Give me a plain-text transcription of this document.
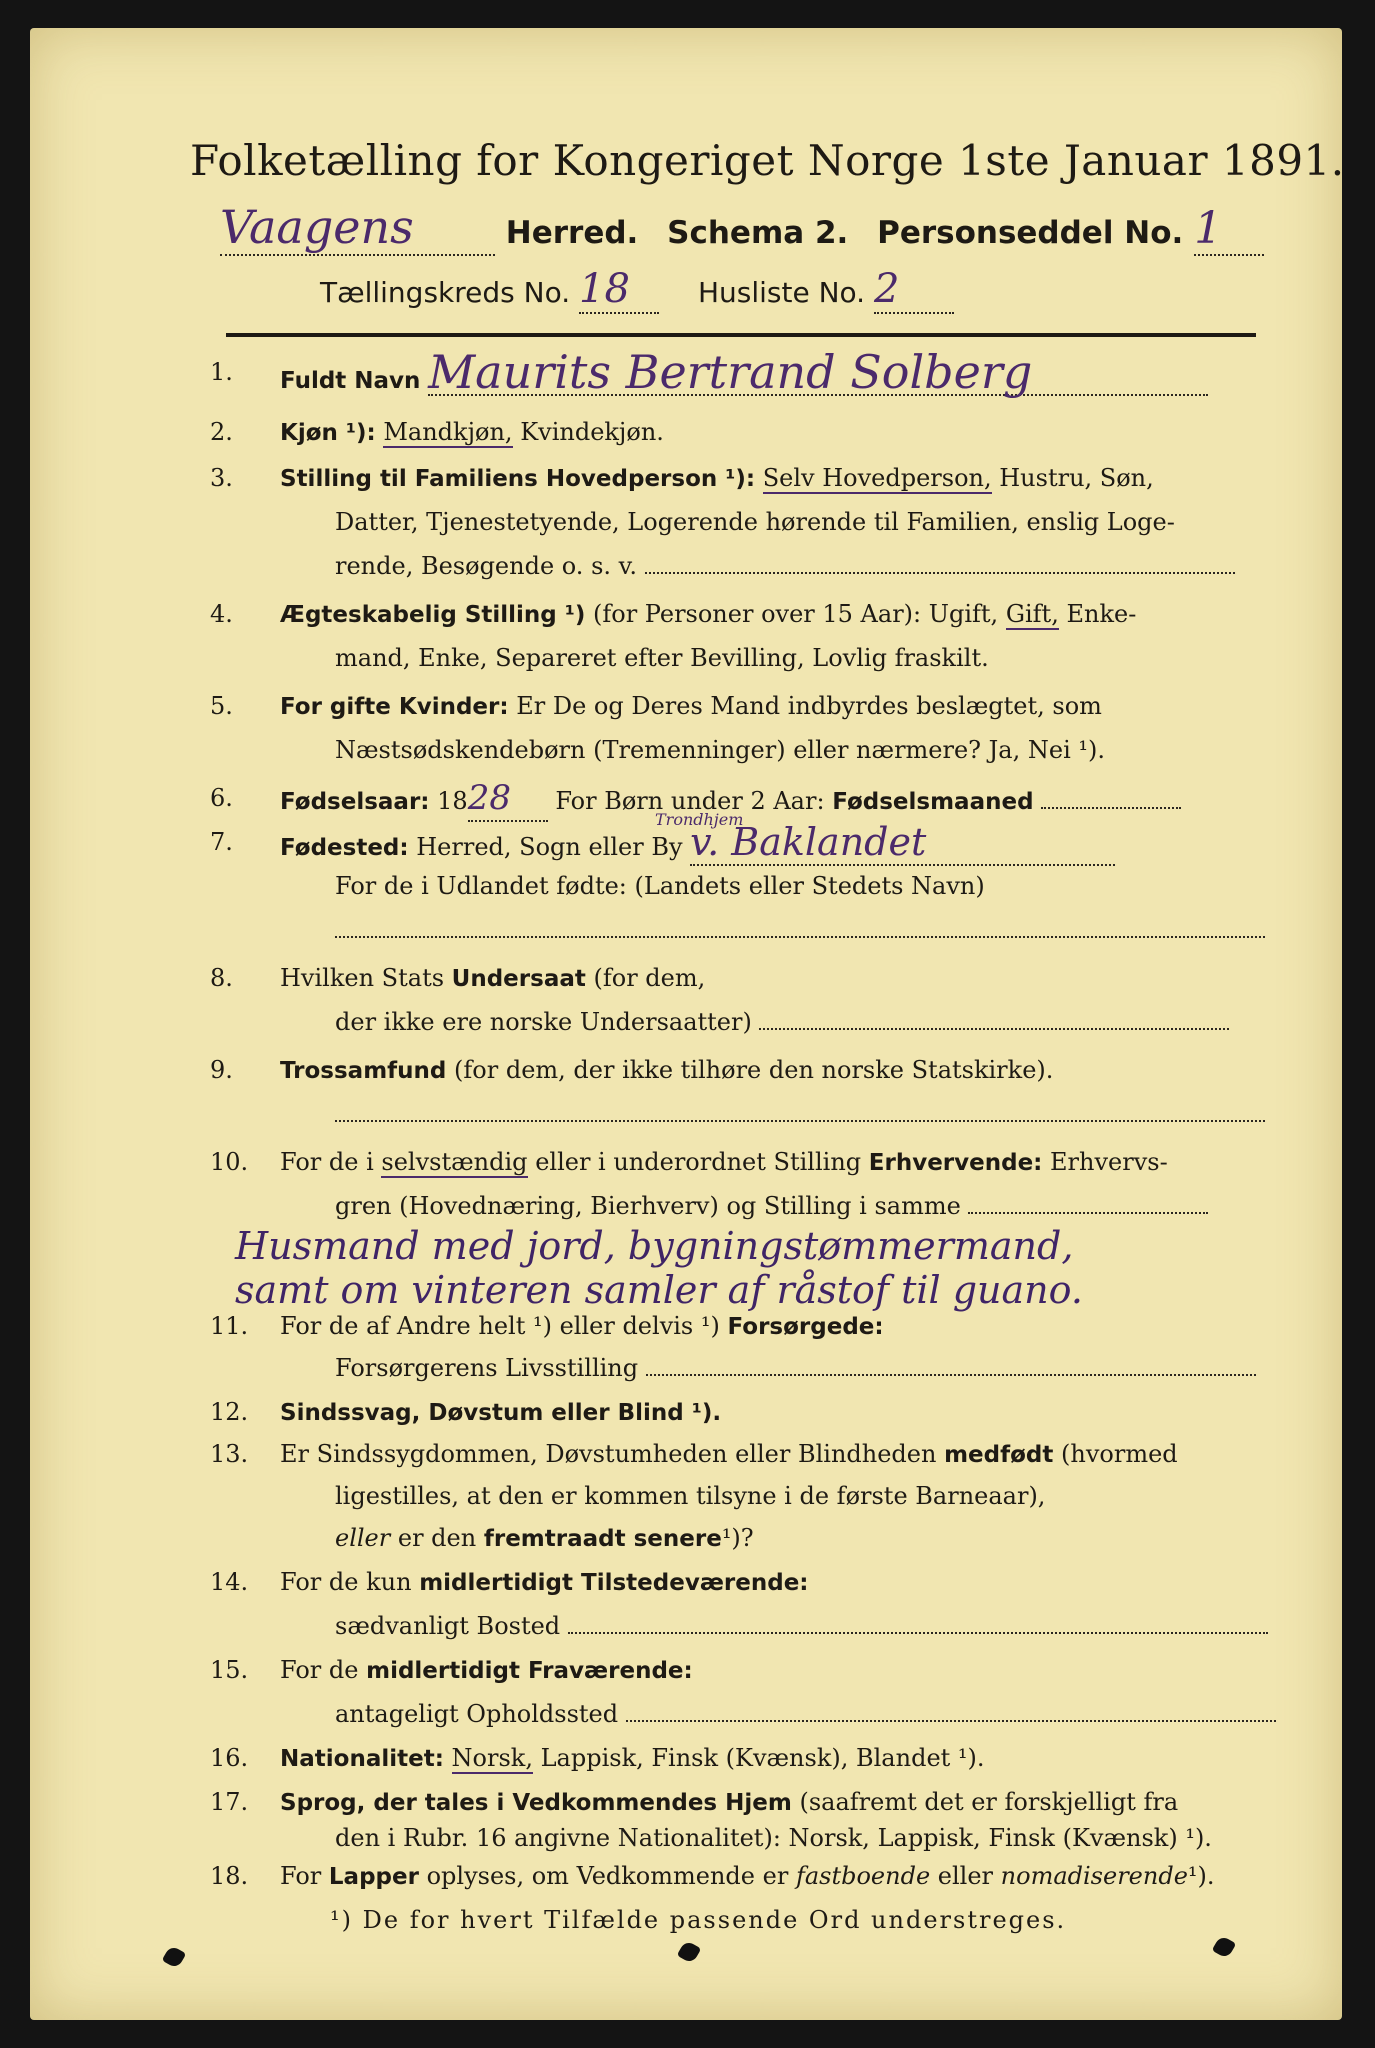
Folketælling for Kongeriget Norge 1ste Januar 1891.
Vaagens	Herred. Schema 2. Personseddel No. 1
Tællingskreds No. 18 Husliste No. 2
1.	Fuldt Navn Maurits Bertrand Solberg
2.	Kjøn ¹): Mandkjøn, Kvindekjøn.
3.	Stilling til Familiens Hovedperson ¹): Selv Hovedperson, Hustru, Søn,
Datter, Tjenestetyende, Logerende hørende til Familien, enslig Loge-
rende, Besøgende o. s. v.
4.	Ægteskabelig Stilling ¹) (for Personer over 15 Aar): Ugift, Gift, Enke-
mand, Enke, Separeret efter Bevilling, Lovlig fraskilt.
5.	For gifte Kvinder: Er De og Deres Mand indbyrdes beslægtet, som
Næstsødskendebørn (Tremenninger) eller nærmere? Ja, Nei ¹).
6.	Fødselsaar: 1828 For Børn under 2 Aar: Fødselsmaaned
7.	Fødested: Herred, Sogn eller By
Trondhjem
v. Baklandet
For de i Udlandet fødte: (Landets eller Stedets Navn)
8.	Hvilken Stats Undersaat (for dem,
der ikke ere norske Undersaatter)
9.	Trossamfund (for dem, der ikke tilhøre den norske Statskirke).
10.	For de i selvstændig eller i underordnet Stilling Erhvervende: Erhvervs-
gren (Hovednæring, Bierhverv) og Stilling i samme
Husmand med jord, bygningstømmermand,
samt om vinteren samler af råstof til guano.
11.	For de af Andre helt ¹) eller delvis ¹) Forsørgede:
Forsørgerens Livsstilling
12.	Sindssvag, Døvstum eller Blind ¹).
13.	Er Sindssygdommen, Døvstumheden eller Blindheden medfødt (hvormed
ligestilles, at den er kommen tilsyne i de første Barneaar),
eller er den fremtraadt senere¹)?
14.	For de kun midlertidigt Tilstedeværende:
sædvanligt Bosted
15.	For de midlertidigt Fraværende:
antageligt Opholdssted
16.	Nationalitet: Norsk, Lappisk, Finsk (Kvænsk), Blandet ¹).
17.	Sprog, der tales i Vedkommendes Hjem (saafremt det er forskjelligt fra
den i Rubr. 16 angivne Nationalitet): Norsk, Lappisk, Finsk (Kvænsk) ¹).
¹) De for hvert Tilfælde passende Ord understreges.
18.	For Lapper oplyses, om Vedkommende er fastboende eller nomadiserende¹).
